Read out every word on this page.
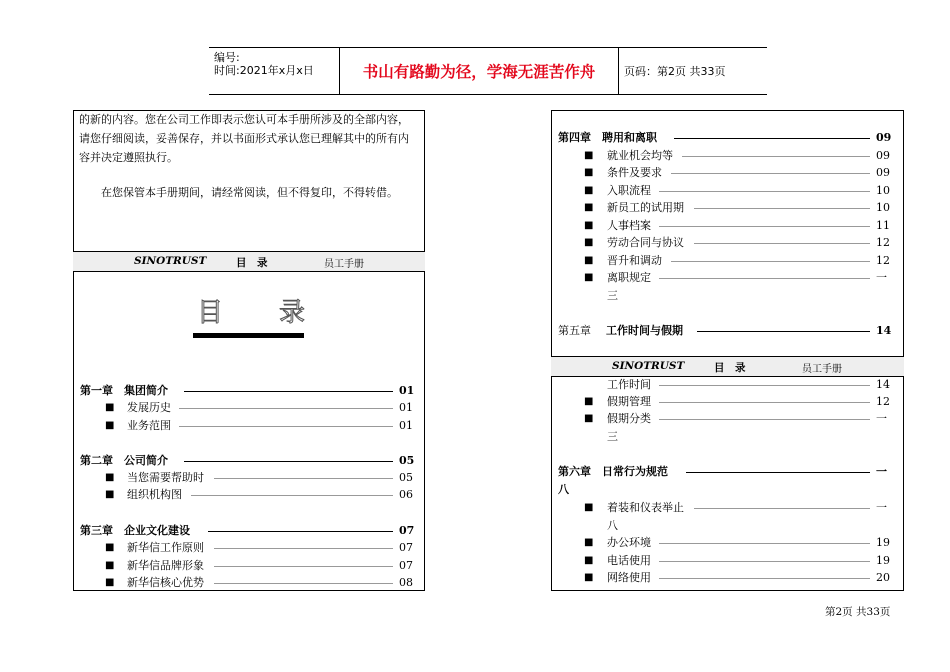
编号:
时间:2021年x月x日	书山有路勤为径，学海无涯苦作舟	页码：第2页 共33页
的新的内容。您在公司工作即表示您认可本手册所涉及的全部内容，请您仔细阅读，妥善保存，并以书面形式承认您已理解其中的所有内容并决定遵照执行。
在您保管本手册期间，请经常阅读，但不得复印，不得转借。
SINOTRUST	目　录	员工手册
目 录
第一章　集团简介	01
■ 发展历史	01
■ 业务范围	01
第二章　公司简介	05
■ 当您需要帮助时	05
■ 组织机构图	06
第三章　企业文化建设	07
■ 新华信工作原则	07
■ 新华信品牌形象	07
■ 新华信核心优势	08
第四章　聘用和离职	09
■ 就业机会均等	09
■ 条件及要求	09
■ 入职流程	10
■ 新员工的试用期	10
■ 人事档案	11
■ 劳动合同与协议	12
■ 晋升和调动	12
■ 离职规定	一
三
第五章 工作时间与假期	14
SINOTRUST	目　录	员工手册
工作时间	14
■ 假期管理	12
■ 假期分类	一
三
第六章　日常行为规范	一
八
■ 着装和仪表举止	一
八
■ 办公环境	19
■ 电话使用	19
■ 网络使用	20
第2页 共33页
